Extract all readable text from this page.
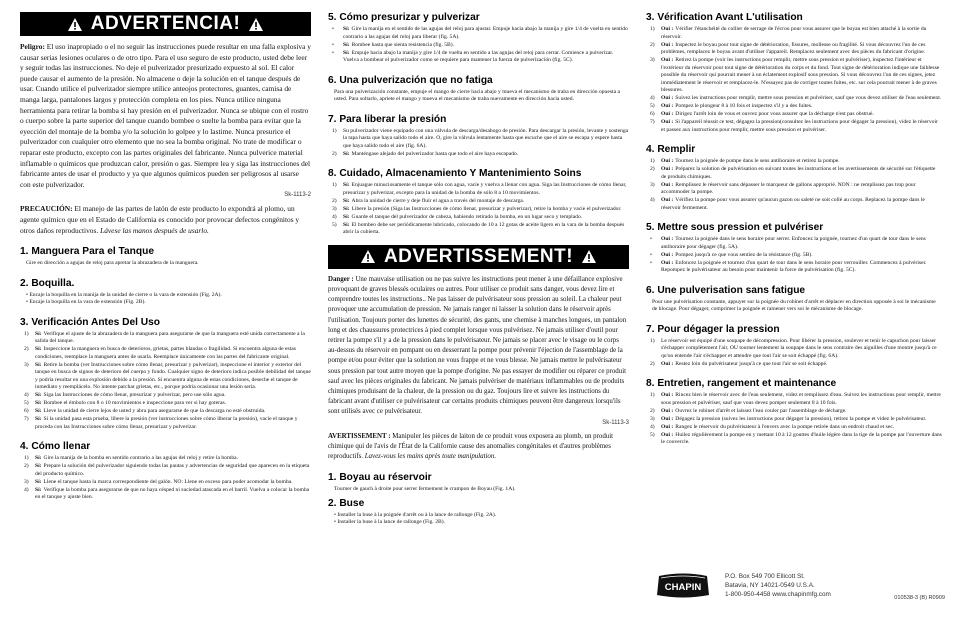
ADVERTENCIA!

Peligro: El uso inapropiado o el no seguir las instrucciones puede resultar en una falla explosiva y causar serias lesiones oculares o de otro tipo. Para el uso seguro de este producto, usted debe leer y seguir todas las instrucciones. No deje el pulverizador presurizado expuesto al sol. El calor puede causar el aumento de la presión. No almacene o deje la solución en el tanque después de usar. Cuando utilice el pulverizador siempre utilice anteojos protectores, guantes, camisa de manga larga, pantalones largos y protección completa en los pies. Nunca utilice ninguna herramienta para retirar la bomba si hay presión en el pulverizador. Nunca se ubique con el rostro o cuerpo sobre la parte superior del tanque cuando bombee o suelte la bomba para evitar que la eyección del montaje de la bomba y/o la solución lo golpee y lo lastime. Nunca presurice el pulverizador con cualquier otro elemento que no sea la bomba original. No trate de modificar o reparar este producto, excepto con las partes originales del fabricante. Nunca pulverice material inflamable o químicos que produzcan calor, presión o gas. Siempre lea y siga las instrucciones del fabricante antes de usar el producto y ya que algunos químicos pueden ser peligrosos al usarse con este pulverizador.

Sk-1113-2

PRECAUCIÓN: El manejo de las partes de latón de este producto lo expondrá al plomo, un agente químico que en el Estado de California es conocido por provocar defectos congénitos y otros daños reproductivos. Lávese las manos después de usarlo.

1. Manguera Para el Tanque
Gire en dirección a agujas de reloj para apretar la abrazadera de la manguera.
2. Boquilla.
• Encaje la boquilla en la manija de la unidad de cierre o la vara de extensión (Fig. 2A).
• Encaje la boquilla en la vara de extensión (Fig. 2B).
3. Verificación Antes Del Uso
1)	Sí: Verifique el ajuste de la abrazadera de la manguera para asegurarse de que la manguera esté unida correctamente a la salida del tanque.
2)	Sí: Inspeccione la manguera en busca de deterioros, grietas, partes blandas o fragilidad. Si encuentra alguna de estas condiciones, reemplace la manguera antes de usarla. Reemplace únicamente con las partes del fabricante original.
3)	Sí: Retire la bomba (ver Instrucciones sobre cómo llenar, presurizar y pulverizar), inspeccione el interior y exterior del tanque en busca de signos de deterioro del cuerpo y fondo. Cualquier signo de deterioro indica posible debilidad del tanque y podría resultar en una explosión debido a la presión. Si encuentra alguna de estas condiciones, deseche el tanque de inmediato y reemplácelo. No intente parchar grietas, etc., porque podría ocasionar una lesión seria.
4)	Sí: Siga las Instrucciones de cómo llenar, presurizar y pulverizar, pero use sólo agua.
5)	Sí: Bombee el émbolo con 8 o 10 movimientos e inspeccione para ver si hay goteras.
6)	Sí: Lleve la unidad de cierre lejos de usted y abra para asegurarse de que la descarga no esté obstruida.
7)	Sí: Si la unidad pasa esta prueba, libere la presión (ver instrucciones sobre cómo liberar la presión), vacíe el tanque y proceda con las Instrucciones sobre cómo llenar, presurizar y pulverizar.
4. Cómo llenar
1)	Sí: Gire la manija de la bomba en sentido contrario a las agujas del reloj y retire la bomba.
2)	Sí: Prepare la solución del pulverizador siguiendo todas las pautas y advertencias de seguridad que aparecen en la etiqueta del producto químico.
3)	Sí: Llene el tanque hasta la marca correspondiente del galón. NO: Llene en exceso para poder acomodar la bomba.
4)	Sí: Verifique la bomba para asegurarse de que no haya césped ni suciedad atascada en el barril. Vuelva a colocar la bomba en el tanque y ajuste bien.
5. Cómo presurizar y pulverizar
•	Sí: Gire la manija en el sentido de las agujas del reloj para ajustar. Empuje hacia abajo la manija y gire 1/4 de vuelta en sentido contrario a las agujas del reloj para liberar (fig. 5A).
•	Sí: Bombee hasta que sienta resistencia (fig. 5B).
•	Sí: Empuje hacia abajo la manija y gire 1/4 de vuelta en sentido a las agujas del reloj para cerrar. Comience a pulverizar. Vuelva a bombear el pulverizador como se requiere para mantener la fuerza de pulverización (fig. 5C).
6. Una pulverización que no fatiga
Para una pulverización constante, empuje el mango de cierre hacia abajo y mueva el mecanismo de traba en dirección opuesta a usted. Para soltarlo, apriete el mango y mueva el mecanismo de traba nuevamente en dirección hacia usted.
7. Para liberar la presión
1)	Su pulverizador viene equipado con una válvula de descarga/desahogo de presión. Para descargar la presión, levante y sostenga la tapa hasta que haya salido todo el aire. O, gire la válvula lentamente hasta que escuche que el aire se escapa y espere hasta que haya salido todo el aire (fig. 6A).
2)	Sí: Manténgase alejado del pulverizador hasta que todo el aire haya escapado.
8. Cuidado, Almacenamiento Y Mantenimiento Soins
1)	Sí: Enjuague minuciosamente el tanque sólo con agua, vacíe y vuelva a llenar con agua. Siga las Instrucciones de cómo llenar, presurizar y pulverizar, excepto para la unidad de la bomba de sólo 8 a 10 movimientos.
2)	Sí: Abra la unidad de cierre y deje fluir el agua a través del montaje de descarga.
3)	Sí: Libere la presión (Siga las Instrucciones de cómo llenar, presurizar y pulverizar), retire la bomba y vacíe el pulverizador.
4)	Sí: Guarde el tanque del pulverizador de cabeza, habiendo retirado la bomba, en un lugar seco y templado.
5)	Sí: El bombeo debe ser periódicamente lubricado, colocando de 10 a 12 gotas de aceite ligero en la vara de la bomba después abrir la cubierta.
ADVERTISSEMENT!

Danger : Une mauvaise utilisation ou ne pas suivre les instructions peut mener à une défaillance explosive provoquant de graves blessés oculaires ou autres. Pour utiliser ce produit sans danger, vous devez lire et comprendre toutes les instructions.. Ne pas laisser de pulvérisateur sous pression au soleil. La chaleur peut provoquer une accumulation de pression. Ne jamais ranger ni laisser la solution dans le réservoir après l'utilisation. Toujours porter des lunettes de sécurité, des gants, une chemise à manches longues, un pantalon long et des chaussures protectrices à pied complet lorsque vous pulvérisez. Ne jamais utiliser d'outil pour retirer la pompe s'il y a de la pression dans le pulvérisateur. Ne jamais se placer avec le visage ou le corps au-dessus du réservoir en pompant ou en desserrant la pompe pour prévenir l'éjection de l'assemblage de la pompe et/ou pour éviter que la solution ne vous frappe et ne vous blesse. Ne jamais mettre le pulvérisateur sous pression par tout autre moyen que la pompe d'origine. Ne pas essayer de modifier ou réparer ce produit sauf avec les pièces originales du fabricant. Ne jamais pulvériser de matériaux inflammables ou de produits chimiques produisant de la chaleur, de la pression ou du gaz. Toujours lire et suivre les instructions du fabricant avant d'utiliser ce pulvérisateur car certains produits chimiques peuvent être dangereux lorsqu'ils sont utilisés avec ce pulvérisateur.

Sk-1113-3

AVERTISSEMENT : Manipuler les pièces de laiton de ce produit vous exposera au plomb, un produit chimique qui de l'avis de l'État de la Californie cause des anomalies congénitales et d'autres problèmes reproductifs. Lavez-vous les mains après toute manipulation.

1. Boyau au réservoir
Tourner de gauch à droite pour serrer fermement le crampon de Boyau (Fig. 1A).
2. Buse
• Installer la buse à la poignée d'arrêt ou à la lance de rallonge (Fig. 2A).
• Installer la buse à la lance de rallonge (Fig. 2B).
3. Vérification Avant L'utilisation
1)	Oui : Vérifier l'étanchéité du collier de serrage de l'écrou pour vous assurer que le boyau est bien attaché à la sortie du réservoir.
2)	Oui : Inspectez le boyau pour tout signe de détérioration, fissures, mollesse ou fragilité. Si vous découvrez l'un de ces problèmes, remplacez le boyau avant d'utiliser l'appareil. Remplacez seulement avec des pièces du fabricant d'origine.
3)	Oui : Retirez la pompe (voir les instructions pour remplir, mettre sous pression et pulvériser), inspectez l'intérieur et l'extérieur du réservoir pour tout signe de détérioration du corps et du fond. Tout signe de détérioration indique une faiblesse possible du réservoir qui pourrait mener à un éclatement explosif sous pression. Si vous découvrez l'un de ces signes, jetez immédiatement le réservoir et remplacez-le. N'essayez pas de corriger toutes fuites, etc. sur cela pourrait mener à de graves blessures.
4)	Oui : Suivez les instructions pour remplir, mettre sous pression et pulvériser, sauf que vous devez utiliser de l'eau seulement.
5)	Oui : Pompez le plongeur 8 à 10 fois et inspectez s'il y a des fuites.
6)	Oui : Dirigez l'arrêt loin de vous et ouvrez pour vous assurer que la décharge n'est pas obstrué.
7)	Oui : Si l'appareil réussit ce test, dégagez la pression(consultez les instructions pour dégager la pression), videz le réservoir et passez aux instructions pour remplir, mettre sous pression et pulvériser.
4. Remplir
1)	Oui : Tournez la poignée de pompe dans le sens antihoraire et retirez la pompe.
2)	Oui : Préparez la solution de pulvérisation en suivant toutes les instructions et les avertissements de sécurité sur l'étiquette de produits chimiques.
3)	Oui : Remplissez le réservoir sans dépasser le marqueur de gallons approprié. NON : ne remplissez pas trop pour accommoder la pompe.
4)	Oui : Vérifiez la pompe pour vous assurer qu'aucun gazon ou saleté ne soit collé au corps. Replacez la pompe dans le réservoir fermement.
5. Mettre sous pression et pulvériser
•	Oui : Tournez la poignée dans le sens horaire pour serrer. Enfoncez la poignée, tournez d'un quart de tour dans le sens antihoraire pour dégager (fig. 5A).
•	Oui : Pompez jusqu'à ce que vous sentiez de la résistance (fig. 5B).
•	Oui : Enfoncez la poignée et tournez d'un quart de tour dans le sens horaire pour verrouiller. Commencez à pulvériser. Repompez le pulvérisateur au besoin pour maintenir la force de pulvérisation (fig. 5C).
6. Une pulverisation sans fatigue
Pour une pulvérisation constante, appuyer sur la poignée du robinet d'arrêt et déplacer en direction opposée à soi le mécanisme de blocage. Pour dégager, comprimer la poignée et ramener vers soi le mécanisme de blocage.
7. Pour dégager la pression
1)	Le réservoir est équipé d'une soupape de décompression. Pour libérer la pression, soulever et tenir le capuchon pour laisser s'échapper complètement l'air, OU tourner lentement la soupape dans le sens contraire des aiguilles d'une montre jusqu'à ce qu'on entende l'air s'échapper et attendre que tout l'air se soit échappé (fig. 6A).
2)	Oui : Restez loin du pulvérisateur jusqu'à ce que tout l'air se soit échappé.
8. Entretien, rangement et maintenance
1)	Oui : Rincez bien le réservoir avec de l'eau seulement, videz et remplissez d'eau. Suivez les instructions pour remplir, mettre sous pression et pulvériser, sauf que vous devez pomper seulement 8 à 10 fois.
2)	Oui : Ouvrez le robinet d'arrêt et laissez l'eau couler par l'assemblage de décharge.
3)	Oui : Dégagez la pression (suivez les instructions pour dégager la pression), retirez la pompe et videz le pulvérisateur.
4)	Oui : Rangez le réservoir du pulvérisateur à l'envers avec la pompe retirée dans un endroit chaud et sec.
5)	Oui : Huilez régulièrement la pompe en y mettant 10 à 12 gouttes d'huile légère dans la tige de la pompe par l'ouverture dans le couvercle.
CHAPIN
P.O. Box 549 700 Ellicott St.
Batavia, NY 14021-0549 U.S.A.
1-800-950-4458 www.chapinmfg.com	010538-3 (B) R0909
